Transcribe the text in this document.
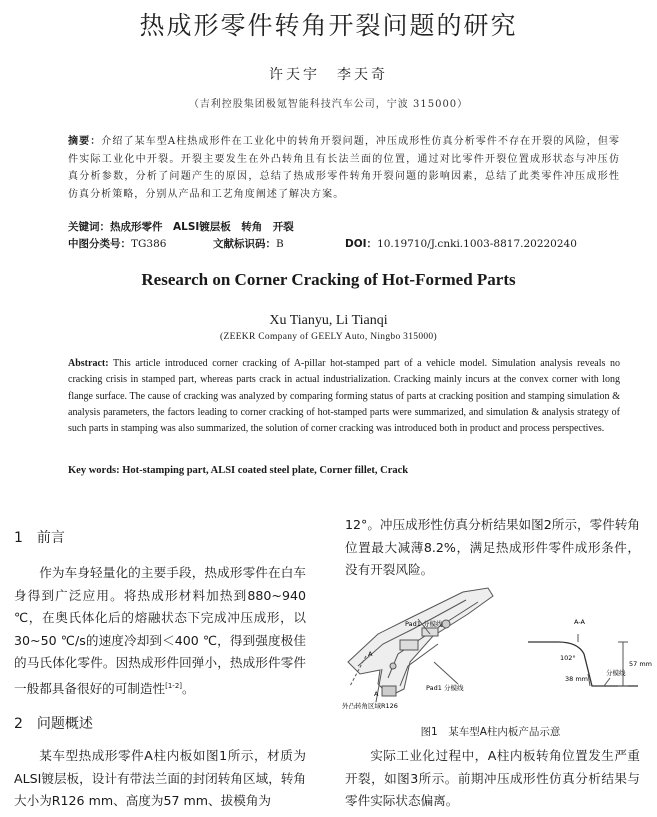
热成形零件转角开裂问题的研究
许天宇　李天奇
（吉利控股集团极氪智能科技汽车公司，宁波 315000）
摘要：介绍了某车型A柱热成形件在工业化中的转角开裂问题，冲压成形性仿真分析零件不存在开裂的风险，但零件实际工业化中开裂。开裂主要发生在外凸转角且有长法兰面的位置，通过对比零件开裂位置成形状态与冲压仿真分析参数，分析了问题产生的原因，总结了热成形零件转角开裂问题的影响因素，总结了此类零件冲压成形性仿真分析策略，分别从产品和工艺角度阐述了解决方案。
关键词：热成形零件　ALSI镀层板　转角　开裂
中图分类号：TG386	文献标识码：B	DOI：10.19710/J.cnki.1003-8817.20220240
Research on Corner Cracking of Hot-Formed Parts
Xu Tianyu, Li Tianqi
(ZEEKR Company of GEELY Auto, Ningbo 315000)
Abstract: This article introduced corner cracking of A-pillar hot-stamped part of a vehicle model. Simulation analysis reveals no cracking crisis in stamped part, whereas parts crack in actual industrialization. Cracking mainly incurs at the convex corner with long flange surface. The cause of cracking was analyzed by comparing forming status of parts at cracking position and stamping simulation & analysis parameters, the factors leading to corner cracking of hot-stamped parts were summarized, and simulation & analysis strategy of such parts in stamping was also summarized, the solution of corner cracking was introduced both in product and process perspectives.
Key words: Hot-stamping part, ALSI coated steel plate, Corner fillet, Crack
1　前言
作为车身轻量化的主要手段，热成形零件在白车身得到广泛应用。将热成形材料加热到880~940 ℃，在奥氏体化后的熔融状态下完成冲压成形，以30~50 ℃/s的速度冷却到＜400 ℃，得到强度极佳的马氏体化零件。因热成形件回弹小，热成形件零件一般都具备很好的可制造性[1-2]。
2　问题概述
某车型热成形零件A柱内板如图1所示，材质为ALSI镀层板，设计有带法兰面的封闭转角区域，转角大小为R126 mm、高度为57 mm、拔模角为
12°。冲压成形性仿真分析结果如图2所示，零件转角位置最大减薄8.2%，满足热成形件零件成形条件，没有开裂风险。
Pad1 分模线
Pad1 分模线
A
A
外凸转角区域R126
A-A
102°
57 mm
38 mm
分模线
图1　某车型A柱内板产品示意
实际工业化过程中，A柱内板转角位置发生严重开裂，如图3所示。前期冲压成形性仿真分析结果与零件实际状态偏离。
